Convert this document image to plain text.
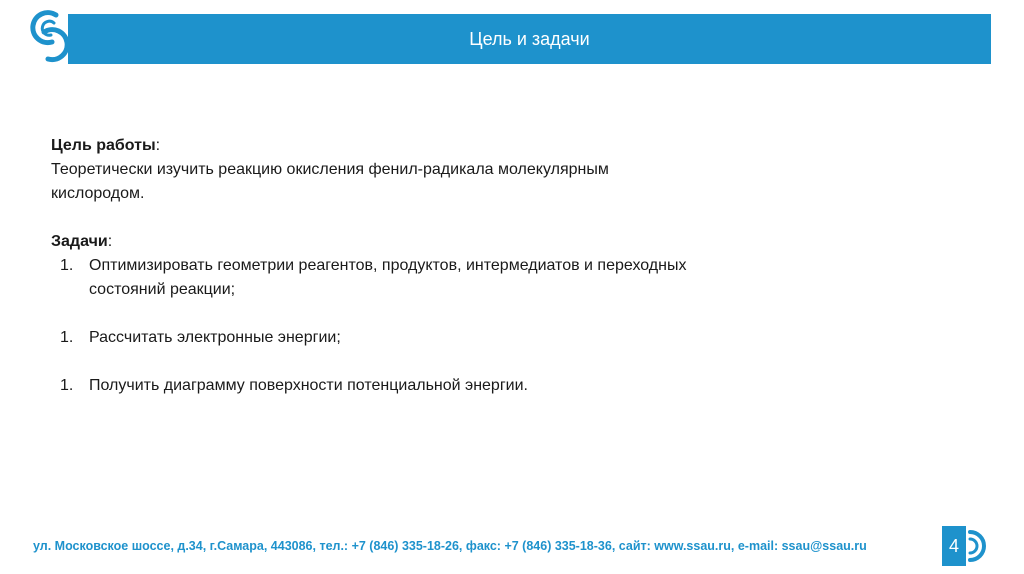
Цель и задачи
Цель работы:
Теоретически изучить реакцию окисления фенил-радикала молекулярным кислородом.
Задачи:
1. Оптимизировать геометрии реагентов, продуктов, интермедиатов и переходных состояний реакции;
1. Рассчитать электронные энергии;
1. Получить диаграмму поверхности потенциальной энергии.
ул. Московское шоссе, д.34, г.Самара, 443086, тел.: +7 (846) 335-18-26, факс: +7 (846) 335-18-36, сайт: www.ssau.ru, e-mail: ssau@ssau.ru	4
